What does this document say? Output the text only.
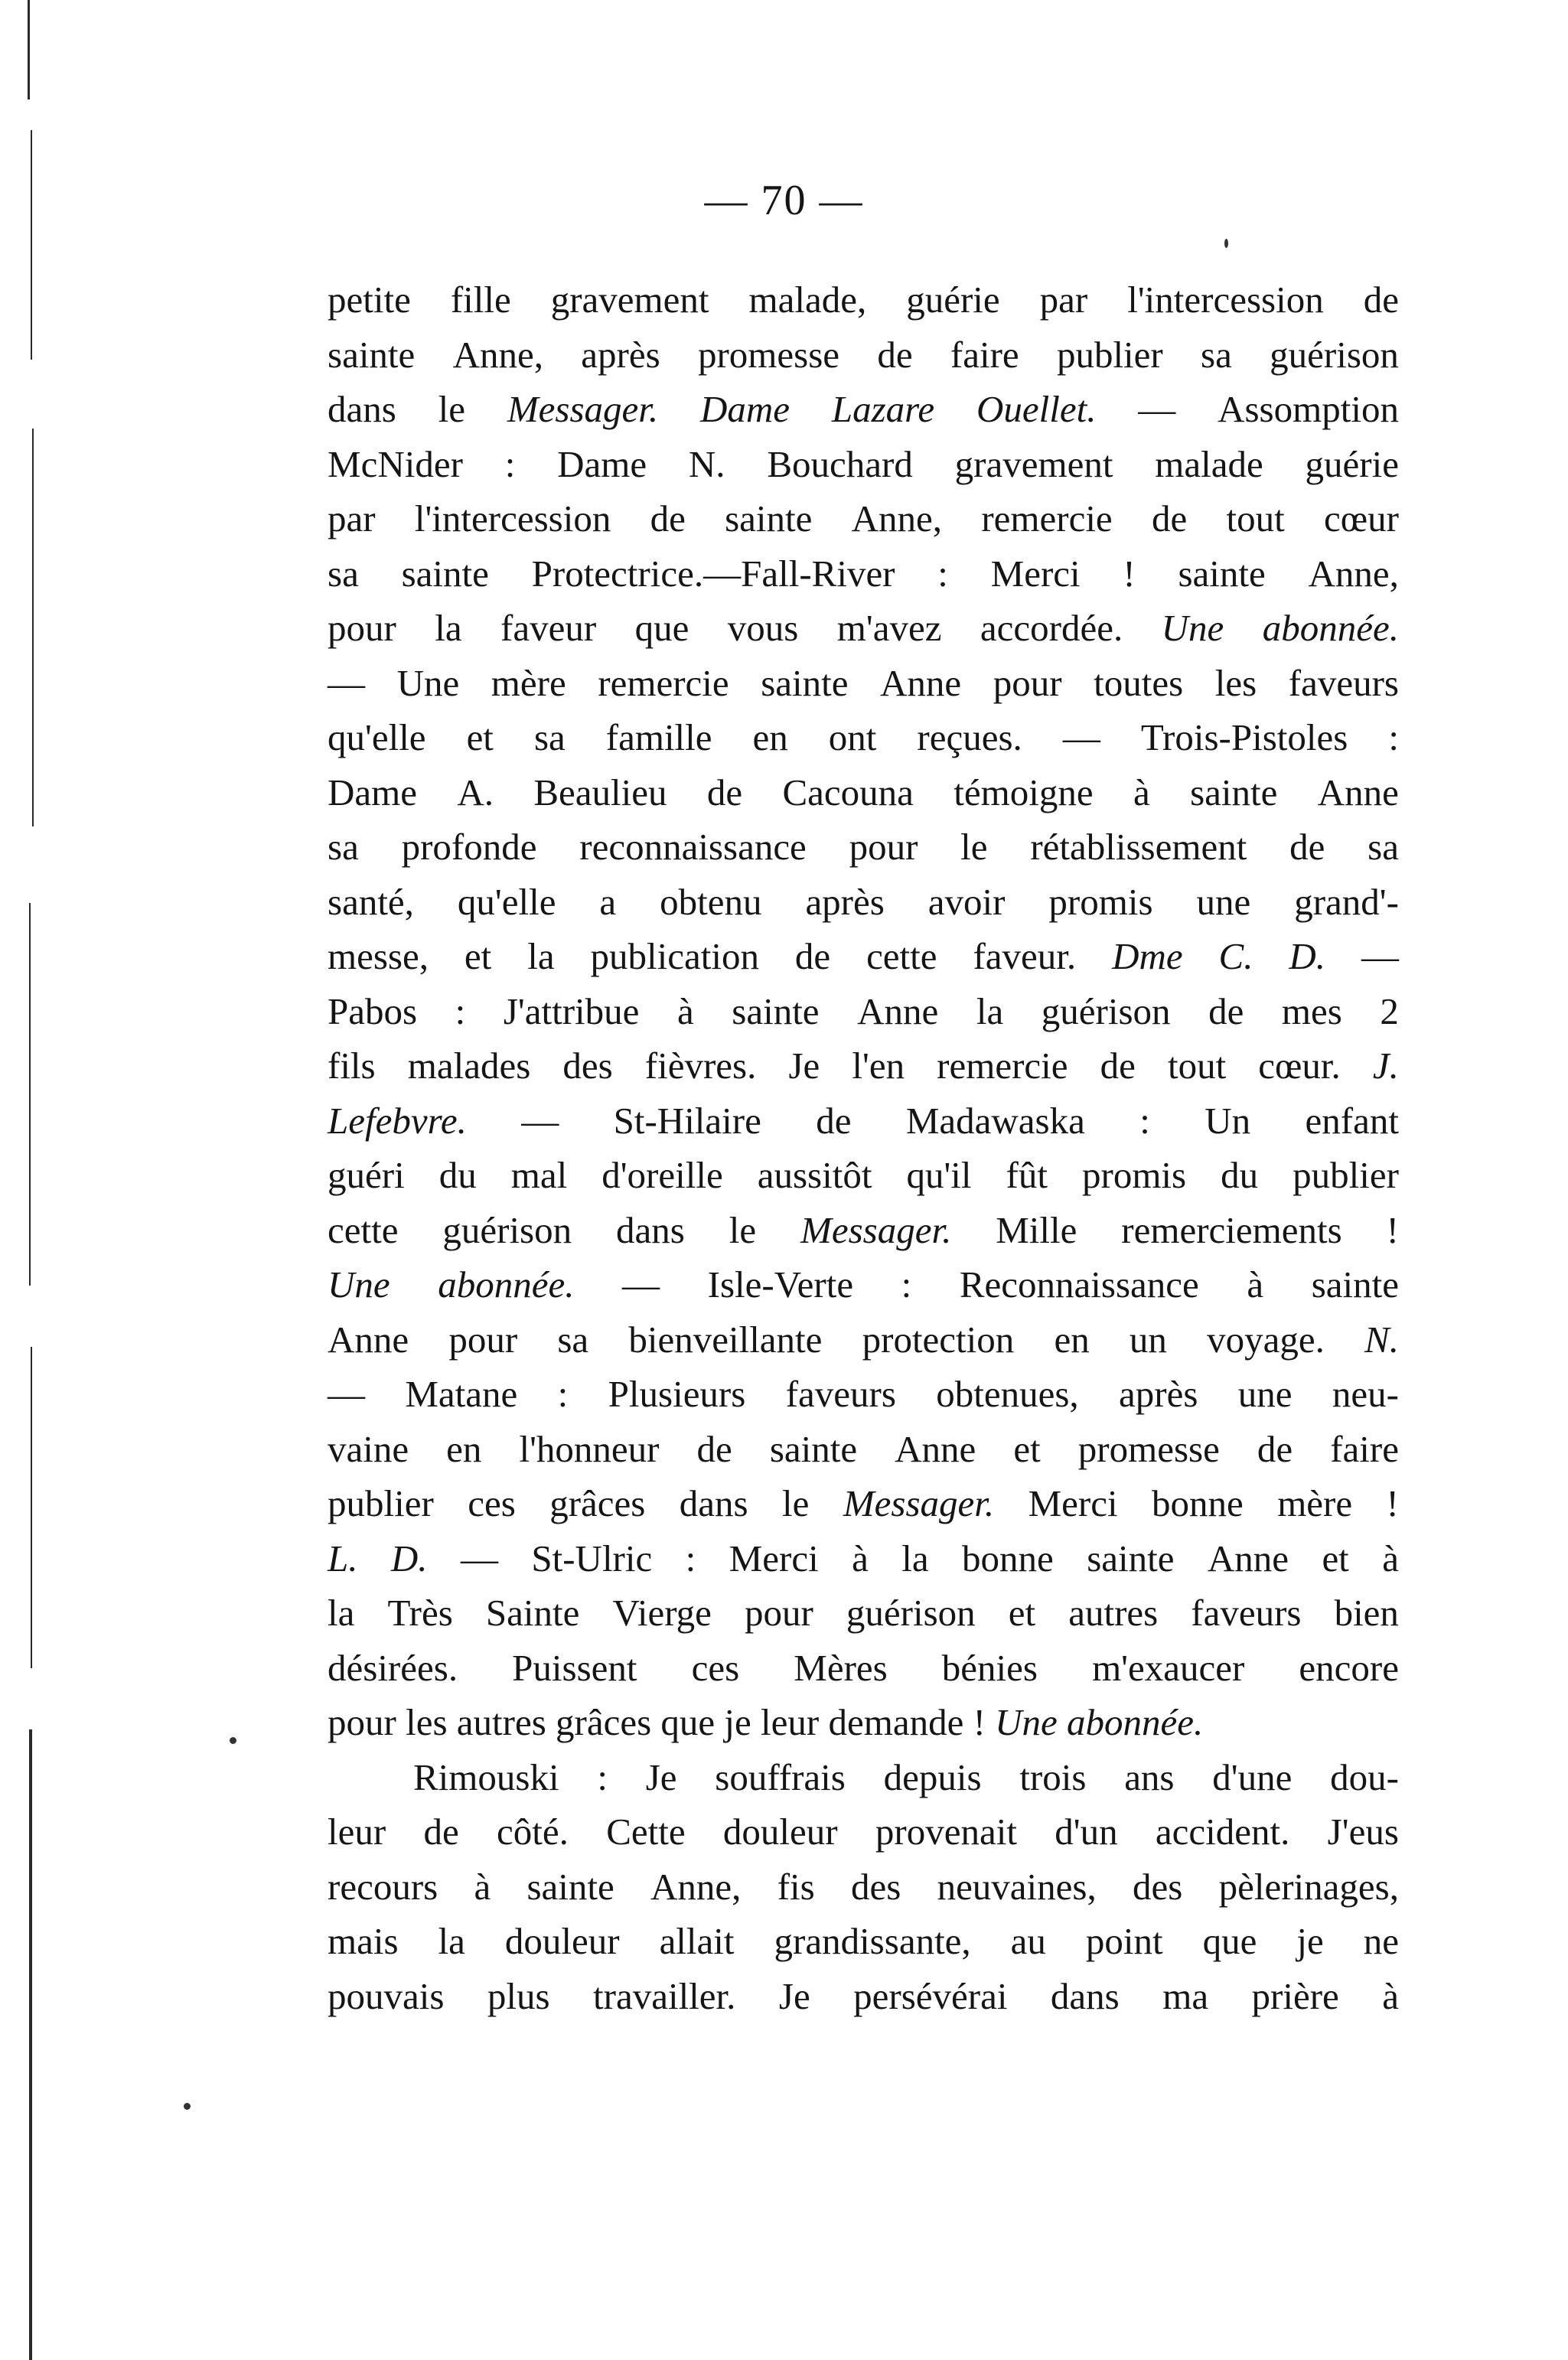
— 70 —
petite fille gravement malade, guérie par l'intercession de
sainte Anne, après promesse de faire publier sa guérison
dans le Messager. Dame Lazare Ouellet. — Assomption
McNider : Dame N. Bouchard gravement malade guérie
par l'intercession de sainte Anne, remercie de tout cœur
sa sainte Protectrice.—Fall-River : Merci ! sainte Anne,
pour la faveur que vous m'avez accordée. Une abonnée.
— Une mère remercie sainte Anne pour toutes les faveurs
qu'elle et sa famille en ont reçues. — Trois-Pistoles :
Dame A. Beaulieu de Cacouna témoigne à sainte Anne
sa profonde reconnaissance pour le rétablissement de sa
santé, qu'elle a obtenu après avoir promis une grand'-
messe, et la publication de cette faveur. Dme C. D. —
Pabos : J'attribue à sainte Anne la guérison de mes 2
fils malades des fièvres. Je l'en remercie de tout cœur. J.
Lefebvre. — St-Hilaire de Madawaska : Un enfant
guéri du mal d'oreille aussitôt qu'il fût promis du publier
cette guérison dans le Messager. Mille remerciements !
Une abonnée. — Isle-Verte : Reconnaissance à sainte
Anne pour sa bienveillante protection en un voyage. N.
— Matane : Plusieurs faveurs obtenues, après une neu-
vaine en l'honneur de sainte Anne et promesse de faire
publier ces grâces dans le Messager. Merci bonne mère !
L. D. — St-Ulric : Merci à la bonne sainte Anne et à
la Très Sainte Vierge pour guérison et autres faveurs bien
désirées. Puissent ces Mères bénies m'exaucer encore
pour
les
autres
grâces
que
je
leur
demande
!
Une
abonnée.
Rimouski : Je souffrais depuis trois ans d'une dou-
leur de côté. Cette douleur provenait d'un accident. J'eus
recours à sainte Anne, fis des neuvaines, des pèlerinages,
mais la douleur allait grandissante, au point que je ne
pouvais plus travailler. Je persévérai dans ma prière à
